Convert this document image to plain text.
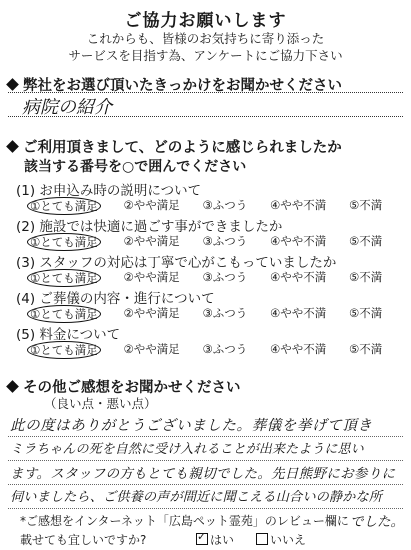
ご協力お願いします
これからも、皆様のお気持ちに寄り添った
サービスを目指す為、アンケートにご協力下さい
弊社をお選び頂いたきっかけをお聞かせください
病院の紹介
ご利用頂きまして、どのように感じられましたか
該当する番号を○で囲んでください
(1) お申込み時の説明について
①とても満足	②やや満足	③ふつう	④やや不満	⑤不満
(2) 施設では快適に過ごす事ができましたか
①とても満足	②やや満足	③ふつう	④やや不満	⑤不満
(3) スタッフの対応は丁寧で心がこもっていましたか
①とても満足	②やや満足	③ふつう	④やや不満	⑤不満
(4) ご葬儀の内容・進行について
①とても満足	②やや満足	③ふつう	④やや不満	⑤不満
(5) 料金について
①とても満足	②やや満足	③ふつう	④やや不満	⑤不満
その他ご感想をお聞かせください
（良い点・悪い点）
此の度はありがとうございました。葬儀を挙げて頂き
ミラちゃんの死を自然に受け入れることが出来たように思い
ます。スタッフの方もとても親切でした。先日熊野にお参りに
伺いましたら、ご供養の声が間近に聞こえる山合いの静かな所
*ご感想をインターネット「広島ペット霊苑」のレビュー欄に でした。
載せても宜しいですか?
✓	はい	いいえ
